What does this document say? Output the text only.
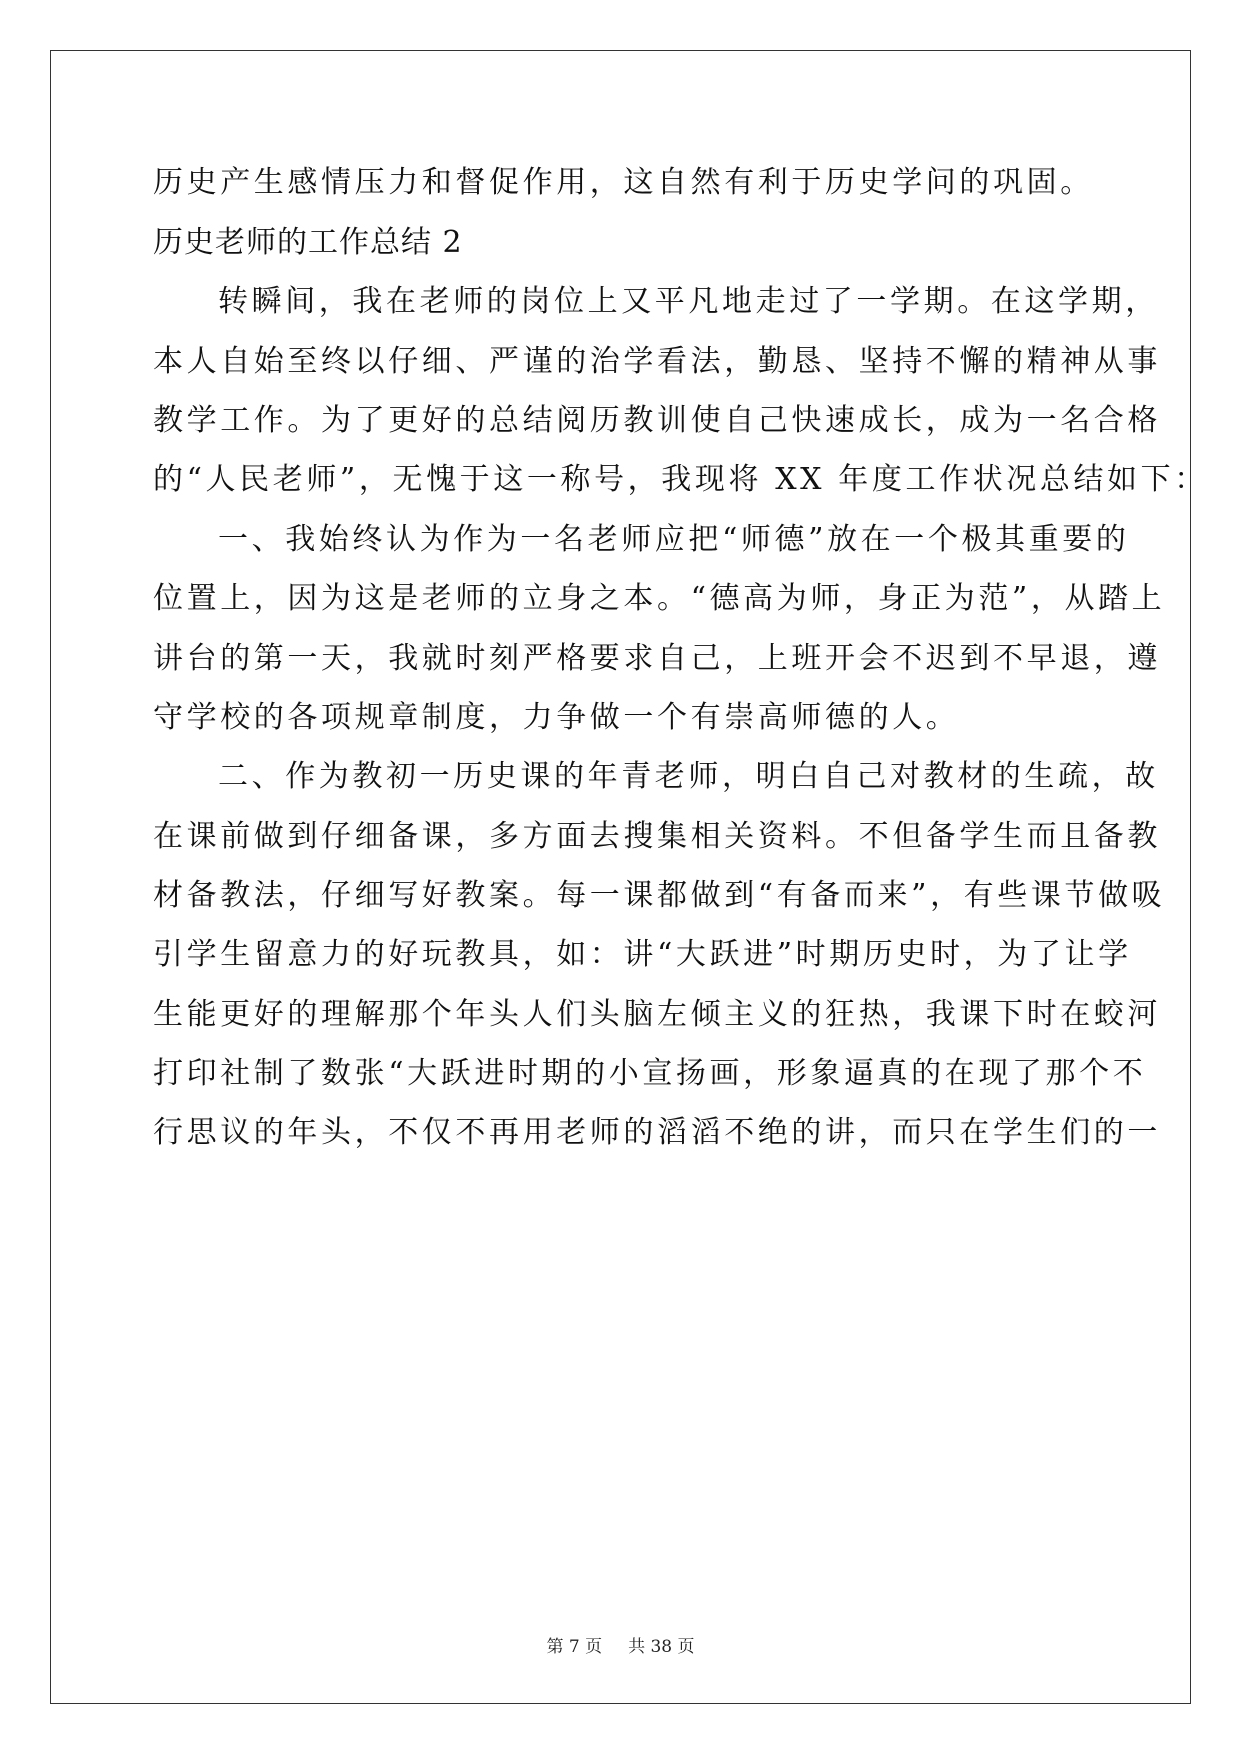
历史产生感情压力和督促作用，这自然有利于历史学问的巩固。

历史老师的工作总结 2

转瞬间，我在老师的岗位上又平凡地走过了一学期。在这学期，

本人自始至终以仔细、严谨的治学看法，勤恳、坚持不懈的精神从事

教学工作。为了更好的总结阅历教训使自己快速成长，成为一名合格

的“人民老师”，无愧于这一称号，我现将 XX 年度工作状况总结如下：

一、我始终认为作为一名老师应把“师德”放在一个极其重要的

位置上，因为这是老师的立身之本。“德高为师，身正为范”，从踏上

讲台的第一天，我就时刻严格要求自己，上班开会不迟到不早退，遵

守学校的各项规章制度，力争做一个有崇高师德的人。

二、作为教初一历史课的年青老师，明白自己对教材的生疏，故

在课前做到仔细备课，多方面去搜集相关资料。不但备学生而且备教

材备教法，仔细写好教案。每一课都做到“有备而来”，有些课节做吸

引学生留意力的好玩教具，如：讲“大跃进”时期历史时，为了让学

生能更好的理解那个年头人们头脑左倾主义的狂热，我课下时在蛟河

打印社制了数张“大跃进时期的小宣扬画，形象逼真的在现了那个不

行思议的年头，不仅不再用老师的滔滔不绝的讲，而只在学生们的一

第 7 页 共 38 页
